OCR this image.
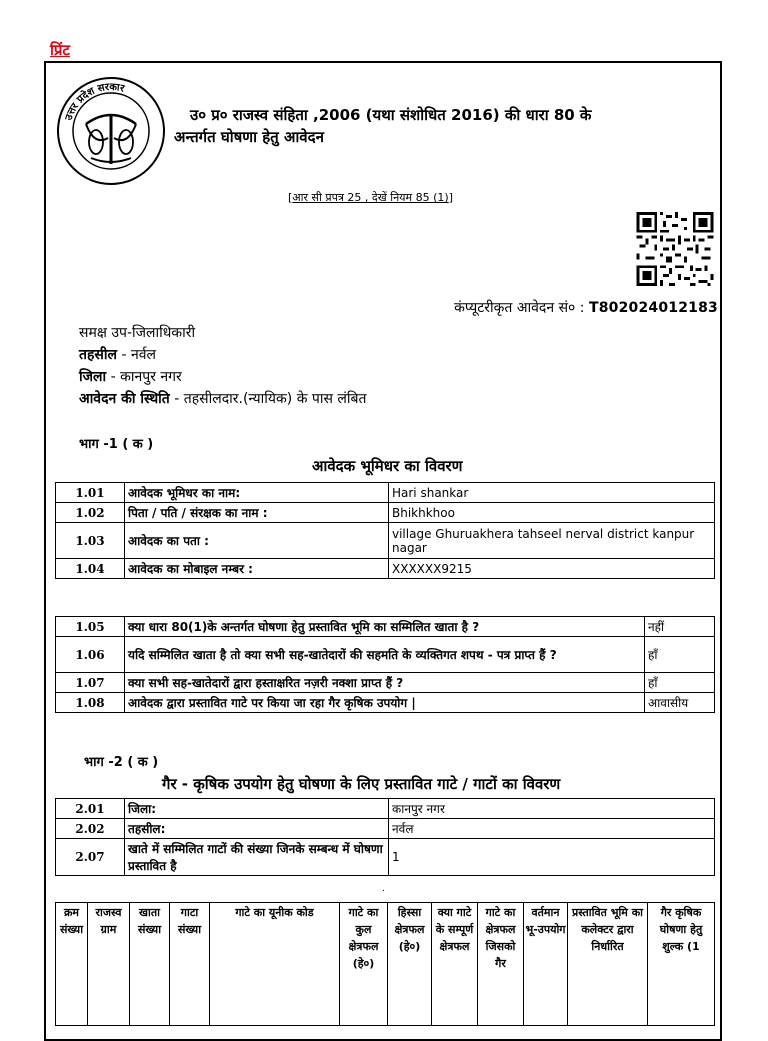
प्रिंट
उत्तर प्रदेश सरकार
उ० प्र० राजस्व संहिता ,2006 (यथा संशोधित 2016) की धारा 80 के
अन्तर्गत घोषणा हेतु आवेदन
[आर सी प्रपत्र 25 , देखें नियम 85 (1)]
कंप्यूटरीकृत आवेदन सं० : T802024012183
समक्ष उप-जिलाधिकारी
तहसील - नर्वल
जिला - कानपुर नगर
आवेदन की स्थिति - तहसीलदार.(न्यायिक) के पास लंबित
भाग -1 ( क )
आवेदक भूमिधर का विवरण
1.01	आवेदक भूमिधर का नाम:	Hari shankar
1.02	पिता / पति / संरक्षक का नाम :	Bhikhkhoo
1.03	आवेदक का पता :	village Ghuruakhera tahseel nerval district kanpur nagar
1.04	आवेदक का मोबाइल नम्बर :	XXXXXX9215
1.05	क्या धारा 80(1)के अन्तर्गत घोषणा हेतु प्रस्तावित भूमि का सम्मिलित खाता है ?	नहीं
1.06	यदि सम्मिलित खाता है तो क्या सभी सह-खातेदारों की सहमति के व्यक्तिगत शपथ - पत्र प्राप्त हैं ?	हाँ
1.07	क्या सभी सह-खातेदारों द्वारा हस्ताक्षरित नज़री नक्शा प्राप्त हैं ?	हाँ
1.08	आवेदक द्वारा प्रस्तावित गाटे पर किया जा रहा गैर कृषिक उपयोग |	आवासीय
भाग -2 ( क )
गैर - कृषिक उपयोग हेतु घोषणा के लिए प्रस्तावित गाटे / गाटों का विवरण
2.01	जिला:	कानपुर नगर
2.02	तहसील:	नर्वल
2.07	खाते में सम्मिलित गाटों की संख्या जिनके सम्बन्ध में घोषणा प्रस्तावित है	1
.
क्रम संख्या	राजस्व ग्राम	खाता संख्या	गाटा संख्या	गाटे का यूनीक कोड	गाटे का कुल क्षेत्रफल (हे०)	हिस्सा क्षेत्रफल (हे०)	क्या गाटे के सम्पूर्ण क्षेत्रफल	गाटे का क्षेत्रफल जिसको गैर	वर्तमान भू-उपयोग	प्रस्तावित भूमि का कलेक्टर द्वारा निर्धारित	गैर कृषिक घोषणा हेतु शुल्क (1
